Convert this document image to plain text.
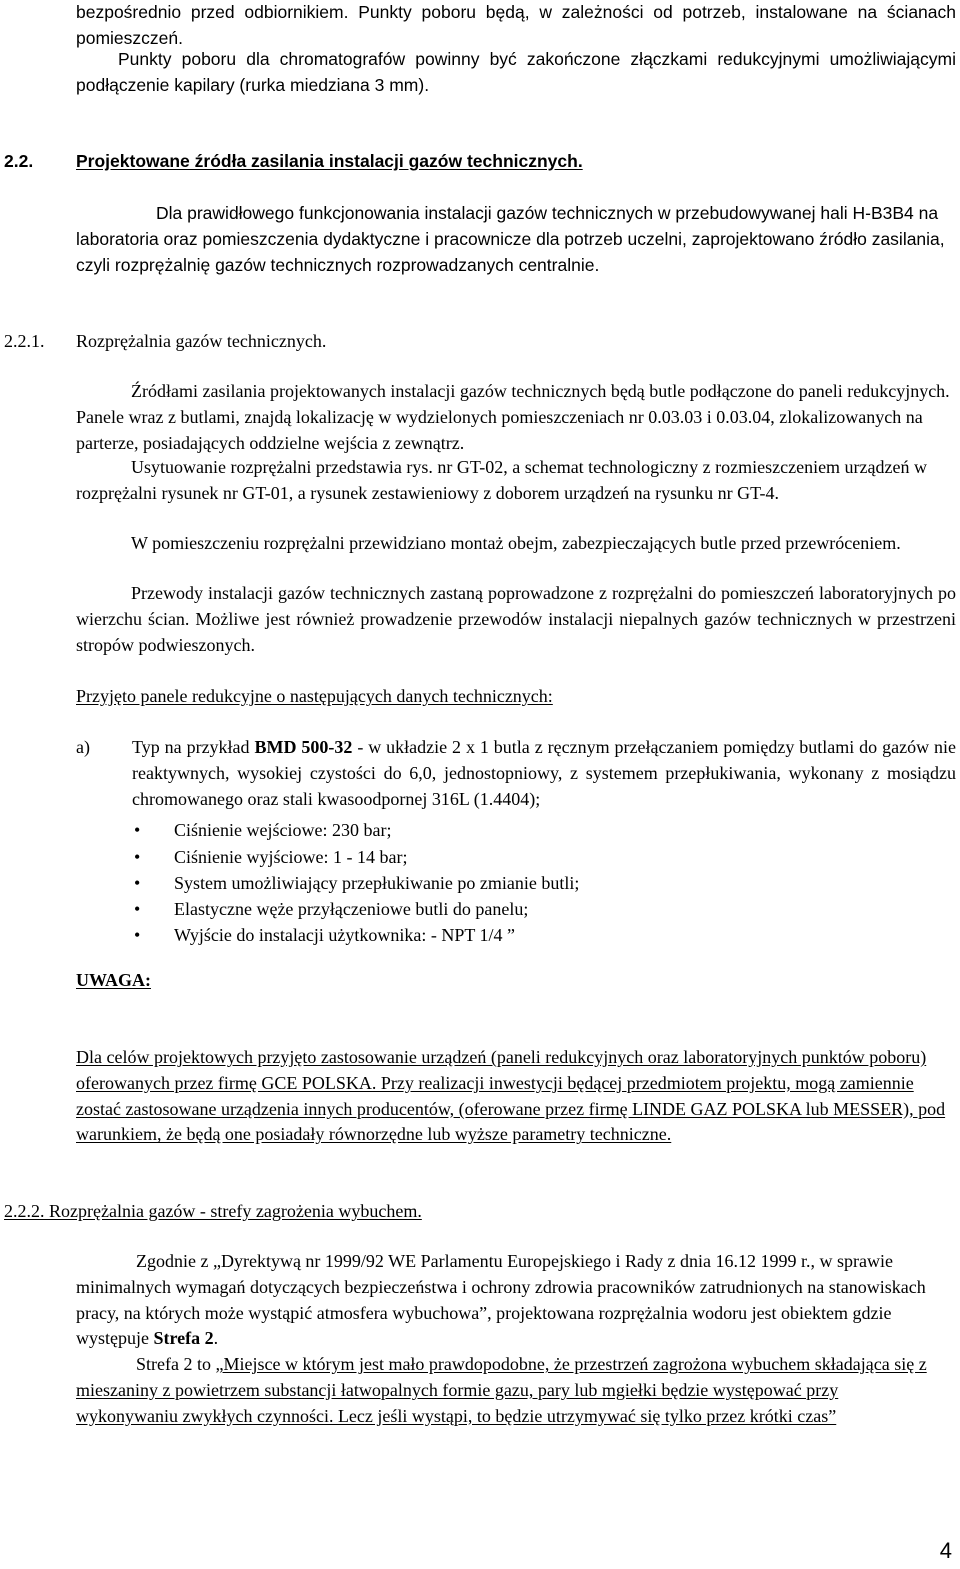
bezpośrednio przed odbiornikiem. Punkty poboru będą, w zależności od potrzeb, instalowane na ścianach pomieszczeń.

Punkty poboru dla chromatografów powinny być zakończone złączkami redukcyjnymi umożliwiającymi podłączenie kapilary (rurka miedziana 3 mm).

2.2. Projektowane źródła zasilania instalacji gazów technicznych.

Dla prawidłowego funkcjonowania instalacji gazów technicznych w przebudowywanej hali H-B3B4 na laboratoria oraz pomieszczenia dydaktyczne i pracownicze dla potrzeb uczelni, zaprojektowano źródło zasilania, czyli rozprężalnię gazów technicznych rozprowadzanych centralnie.

2.2.1. Rozprężalnia gazów technicznych.

Źródłami zasilania projektowanych instalacji gazów technicznych będą butle podłączone do paneli redukcyjnych. Panele wraz z butlami, znajdą lokalizację w wydzielonych pomieszczeniach nr 0.03.03 i 0.03.04, zlokalizowanych na parterze, posiadających oddzielne wejścia z zewnątrz.

Usytuowanie rozprężalni przedstawia rys. nr GT-02, a schemat technologiczny z rozmieszczeniem urządzeń w rozprężalni rysunek nr GT-01, a rysunek zestawieniowy z doborem urządzeń na rysunku nr GT-4.

W pomieszczeniu rozprężalni przewidziano montaż obejm, zabezpieczających butle przed przewróceniem.

Przewody instalacji gazów technicznych zastaną poprowadzone z rozprężalni do pomieszczeń laboratoryjnych po wierzchu ścian. Możliwe jest również prowadzenie przewodów instalacji niepalnych gazów technicznych w przestrzeni stropów podwieszonych.

Przyjęto panele redukcyjne o następujących danych technicznych:

a) Typ na przykład BMD 500-32 - w układzie 2 x 1 butla z ręcznym przełączaniem pomiędzy butlami do gazów nie reaktywnych, wysokiej czystości do 6,0, jednostopniowy, z systemem przepłukiwania, wykonany z mosiądzu chromowanego oraz stali kwasoodpornej 316L (1.4404);
• Ciśnienie wejściowe: 230 bar;
• Ciśnienie wyjściowe: 1 - 14 bar;
• System umożliwiający przepłukiwanie po zmianie butli;
• Elastyczne węże przyłączeniowe butli do panelu;
• Wyjście do instalacji użytkownika: - NPT 1/4 ”

UWAGA:

Dla celów projektowych przyjęto zastosowanie urządzeń (paneli redukcyjnych oraz laboratoryjnych punktów poboru) oferowanych przez firmę GCE POLSKA. Przy realizacji inwestycji będącej przedmiotem projektu, mogą zamiennie zostać zastosowane urządzenia innych producentów, (oferowane przez firmę LINDE GAZ POLSKA lub MESSER), pod warunkiem, że będą one posiadały równorzędne lub wyższe parametry techniczne.

2.2.2. Rozprężalnia gazów - strefy zagrożenia wybuchem.

Zgodnie z „Dyrektywą nr 1999/92 WE Parlamentu Europejskiego i Rady z dnia 16.12 1999 r., w sprawie minimalnych wymagań dotyczących bezpieczeństwa i ochrony zdrowia pracowników zatrudnionych na stanowiskach pracy, na których może wystąpić atmosfera wybuchowa”, projektowana rozprężalnia wodoru jest obiektem gdzie występuje Strefa 2.

Strefa 2 to „Miejsce w którym jest mało prawdopodobne, że przestrzeń zagrożona wybuchem składająca się z mieszaniny z powietrzem substancji łatwopalnych formie gazu, pary lub mgiełki będzie występować przy wykonywaniu zwykłych czynności. Lecz jeśli wystąpi, to będzie utrzymywać się tylko przez krótki czas”

4
